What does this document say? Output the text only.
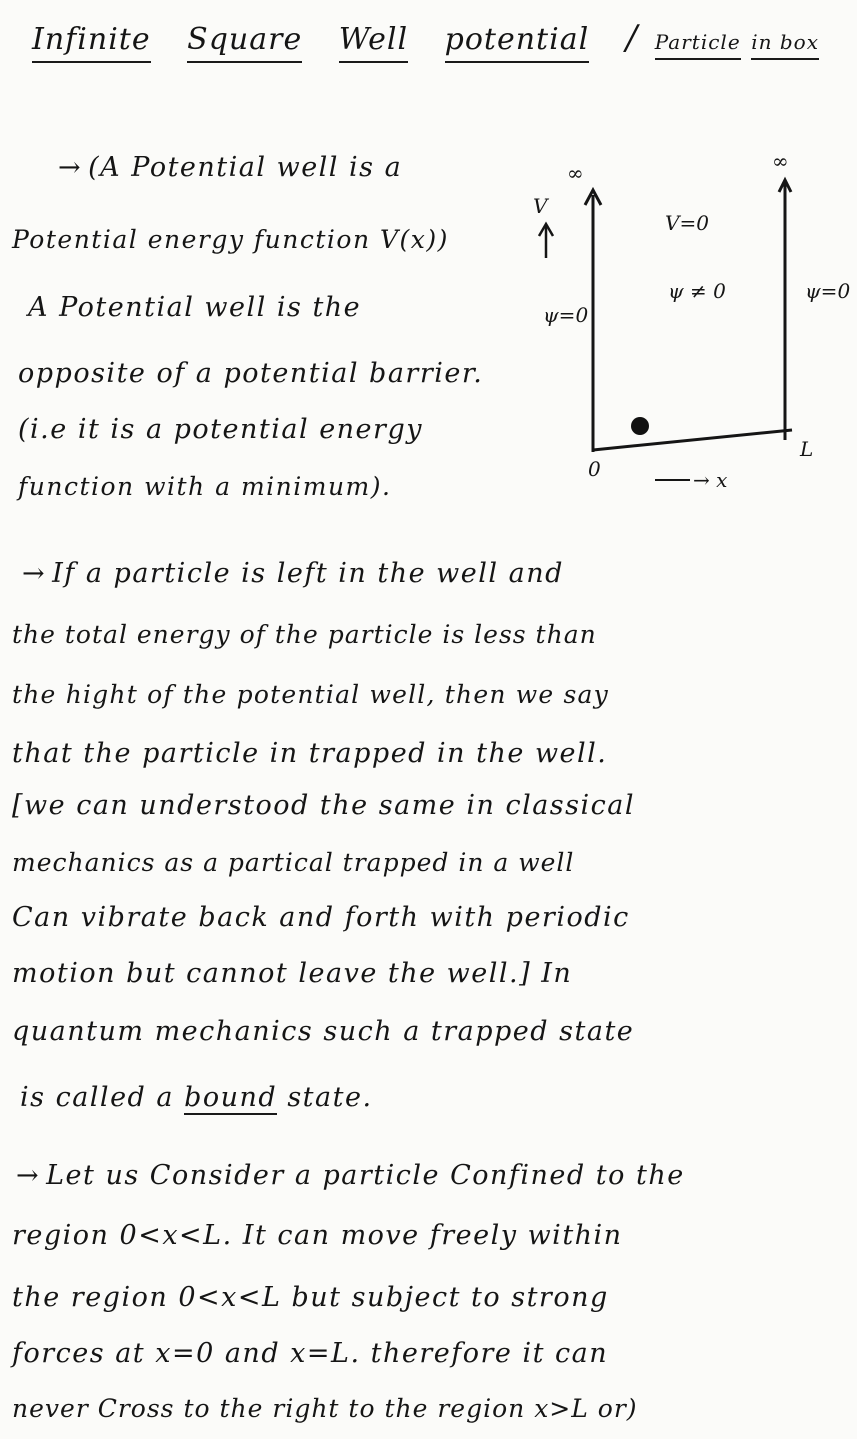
Infinite Square Well potential / Particle in box
∞	∞
V
V=0
ψ ≠ 0
ψ=0
ψ=0
0
L
→ x
→ (A Potential well is a
Potential energy function V(x))
A Potential well is the
opposite of a potential barrier.
(i.e it is a potential energy
function with a minimum).
→ If a particle is left in the well and
the total energy of the particle is less than
the hight of the potential well, then we say
that the particle in trapped in the well.
[we can understood the same in classical
mechanics as a partical trapped in a well
Can vibrate back and forth with periodic
motion but cannot leave the well.] In
quantum mechanics such a trapped state
is called a bound state.
→ Let us Consider a particle Confined to the
region 0<x<L. It can move freely within
the region 0<x<L but subject to strong
forces at x=0 and x=L. therefore it can
never Cross to the right to the region x>L or)
